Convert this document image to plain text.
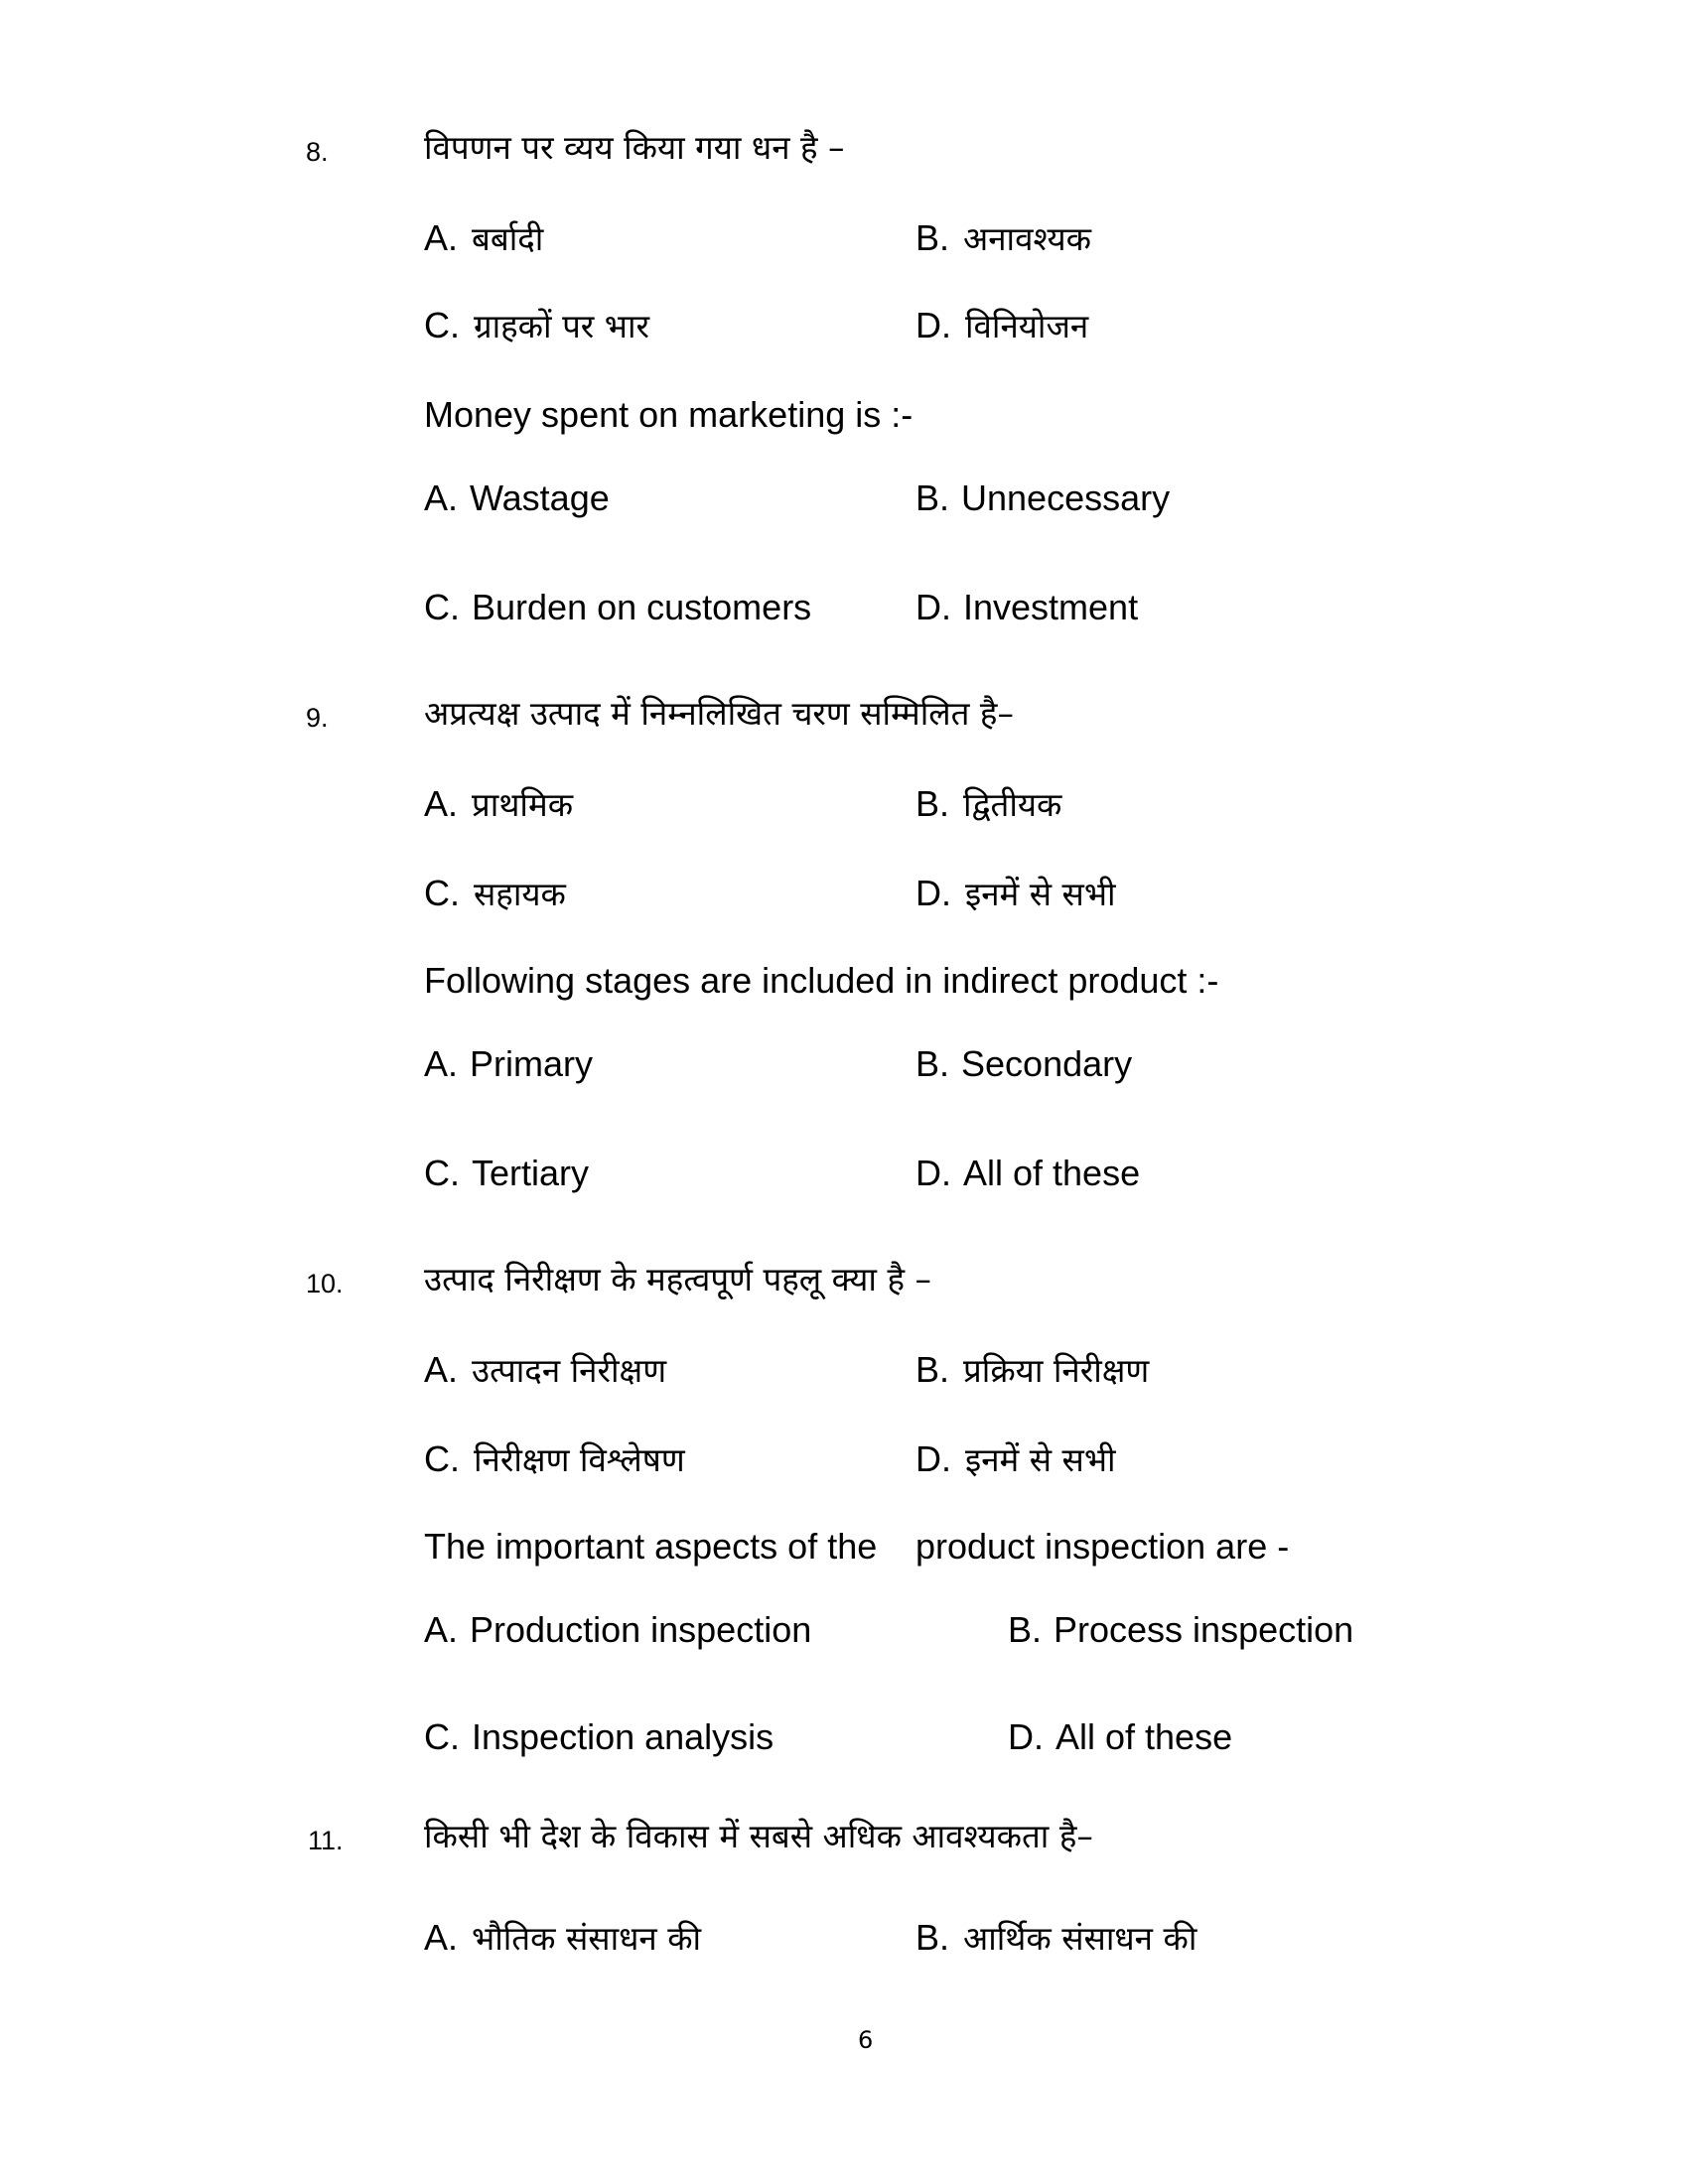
8.	विपणन पर व्यय किया गया धन है –
A. बर्बादी	B. अनावश्यक
C. ग्राहकों पर भार	D. विनियोजन
Money spent on marketing is :-
A. Wastage	B. Unnecessary
C. Burden on customers	D. Investment
9.	अप्रत्यक्ष उत्पाद में निम्नलिखित चरण सम्मिलित है–
A. प्राथमिक	B. द्वितीयक
C. सहायक	D. इनमें से सभी
Following stages are included in indirect product :-
A. Primary	B. Secondary
C. Tertiary	D. All of these
10. उत्पाद निरीक्षण के महत्वपूर्ण पहलू क्या है –
A. उत्पादन निरीक्षण	B. प्रक्रिया निरीक्षण
C. निरीक्षण विश्लेषण	D. इनमें से सभी
The important aspects of the product inspection are -
A. Production inspection	B. Process inspection
C. Inspection analysis	D. All of these
11. किसी भी देश के विकास में सबसे अधिक आवश्यकता है–
A. भौतिक संसाधन की	B. आर्थिक संसाधन की
6
